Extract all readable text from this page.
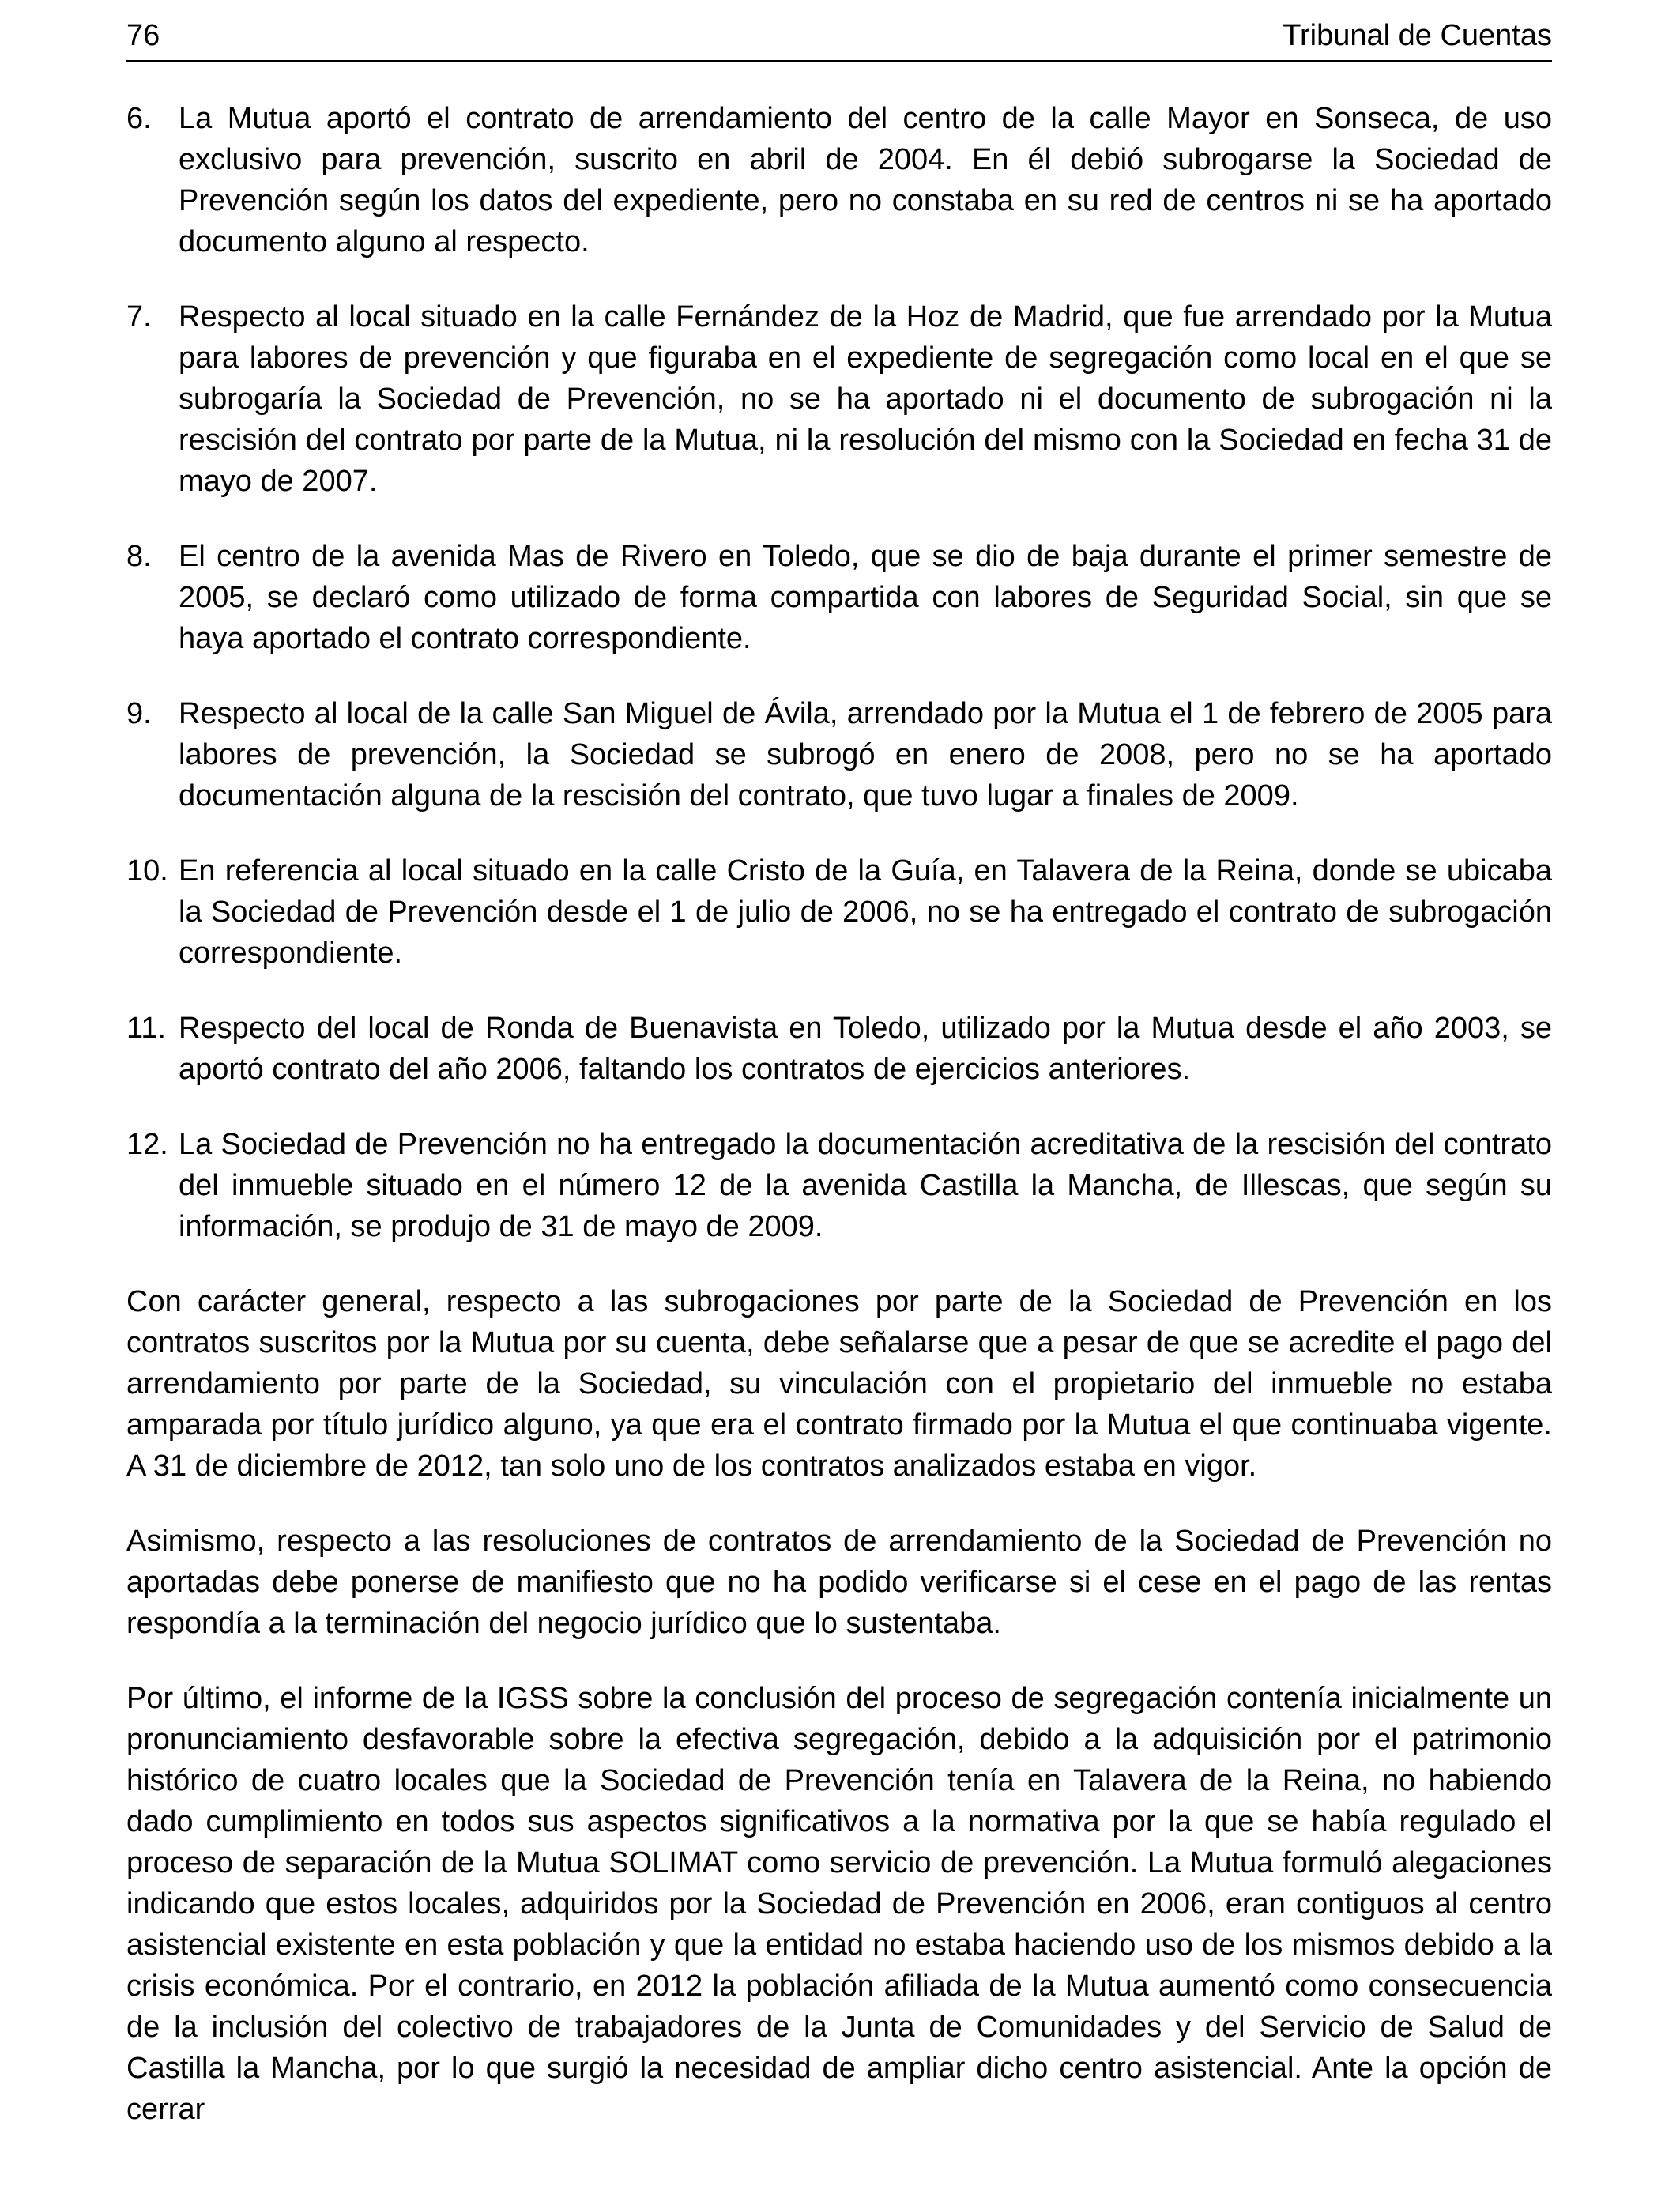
76	Tribunal de Cuentas
6. La Mutua aportó el contrato de arrendamiento del centro de la calle Mayor en Sonseca, de uso exclusivo para prevención, suscrito en abril de 2004. En él debió subrogarse la Sociedad de Prevención según los datos del expediente, pero no constaba en su red de centros ni se ha aportado documento alguno al respecto.
7. Respecto al local situado en la calle Fernández de la Hoz de Madrid, que fue arrendado por la Mutua para labores de prevención y que figuraba en el expediente de segregación como local en el que se subrogaría la Sociedad de Prevención, no se ha aportado ni el documento de subrogación ni la rescisión del contrato por parte de la Mutua, ni la resolución del mismo con la Sociedad en fecha 31 de mayo de 2007.
8. El centro de la avenida Mas de Rivero en Toledo, que se dio de baja durante el primer semestre de 2005, se declaró como utilizado de forma compartida con labores de Seguridad Social, sin que se haya aportado el contrato correspondiente.
9. Respecto al local de la calle San Miguel de Ávila, arrendado por la Mutua el 1 de febrero de 2005 para labores de prevención, la Sociedad se subrogó en enero de 2008, pero no se ha aportado documentación alguna de la rescisión del contrato, que tuvo lugar a finales de 2009.
10. En referencia al local situado en la calle Cristo de la Guía, en Talavera de la Reina, donde se ubicaba la Sociedad de Prevención desde el 1 de julio de 2006, no se ha entregado el contrato de subrogación correspondiente.
11. Respecto del local de Ronda de Buenavista en Toledo, utilizado por la Mutua desde el año 2003, se aportó contrato del año 2006, faltando los contratos de ejercicios anteriores.
12. La Sociedad de Prevención no ha entregado la documentación acreditativa de la rescisión del contrato del inmueble situado en el número 12 de la avenida Castilla la Mancha, de Illescas, que según su información, se produjo de 31 de mayo de 2009.

Con carácter general, respecto a las subrogaciones por parte de la Sociedad de Prevención en los contratos suscritos por la Mutua por su cuenta, debe señalarse que a pesar de que se acredite el pago del arrendamiento por parte de la Sociedad, su vinculación con el propietario del inmueble no estaba amparada por título jurídico alguno, ya que era el contrato firmado por la Mutua el que continuaba vigente. A 31 de diciembre de 2012, tan solo uno de los contratos analizados estaba en vigor.

Asimismo, respecto a las resoluciones de contratos de arrendamiento de la Sociedad de Prevención no aportadas debe ponerse de manifiesto que no ha podido verificarse si el cese en el pago de las rentas respondía a la terminación del negocio jurídico que lo sustentaba.

Por último, el informe de la IGSS sobre la conclusión del proceso de segregación contenía inicialmente un pronunciamiento desfavorable sobre la efectiva segregación, debido a la adquisición por el patrimonio histórico de cuatro locales que la Sociedad de Prevención tenía en Talavera de la Reina, no habiendo dado cumplimiento en todos sus aspectos significativos a la normativa por la que se había regulado el proceso de separación de la Mutua SOLIMAT como servicio de prevención. La Mutua formuló alegaciones indicando que estos locales, adquiridos por la Sociedad de Prevención en 2006, eran contiguos al centro asistencial existente en esta población y que la entidad no estaba haciendo uso de los mismos debido a la crisis económica. Por el contrario, en 2012 la población afiliada de la Mutua aumentó como consecuencia de la inclusión del colectivo de trabajadores de la Junta de Comunidades y del Servicio de Salud de Castilla la Mancha, por lo que surgió la necesidad de ampliar dicho centro asistencial. Ante la opción de cerrar
